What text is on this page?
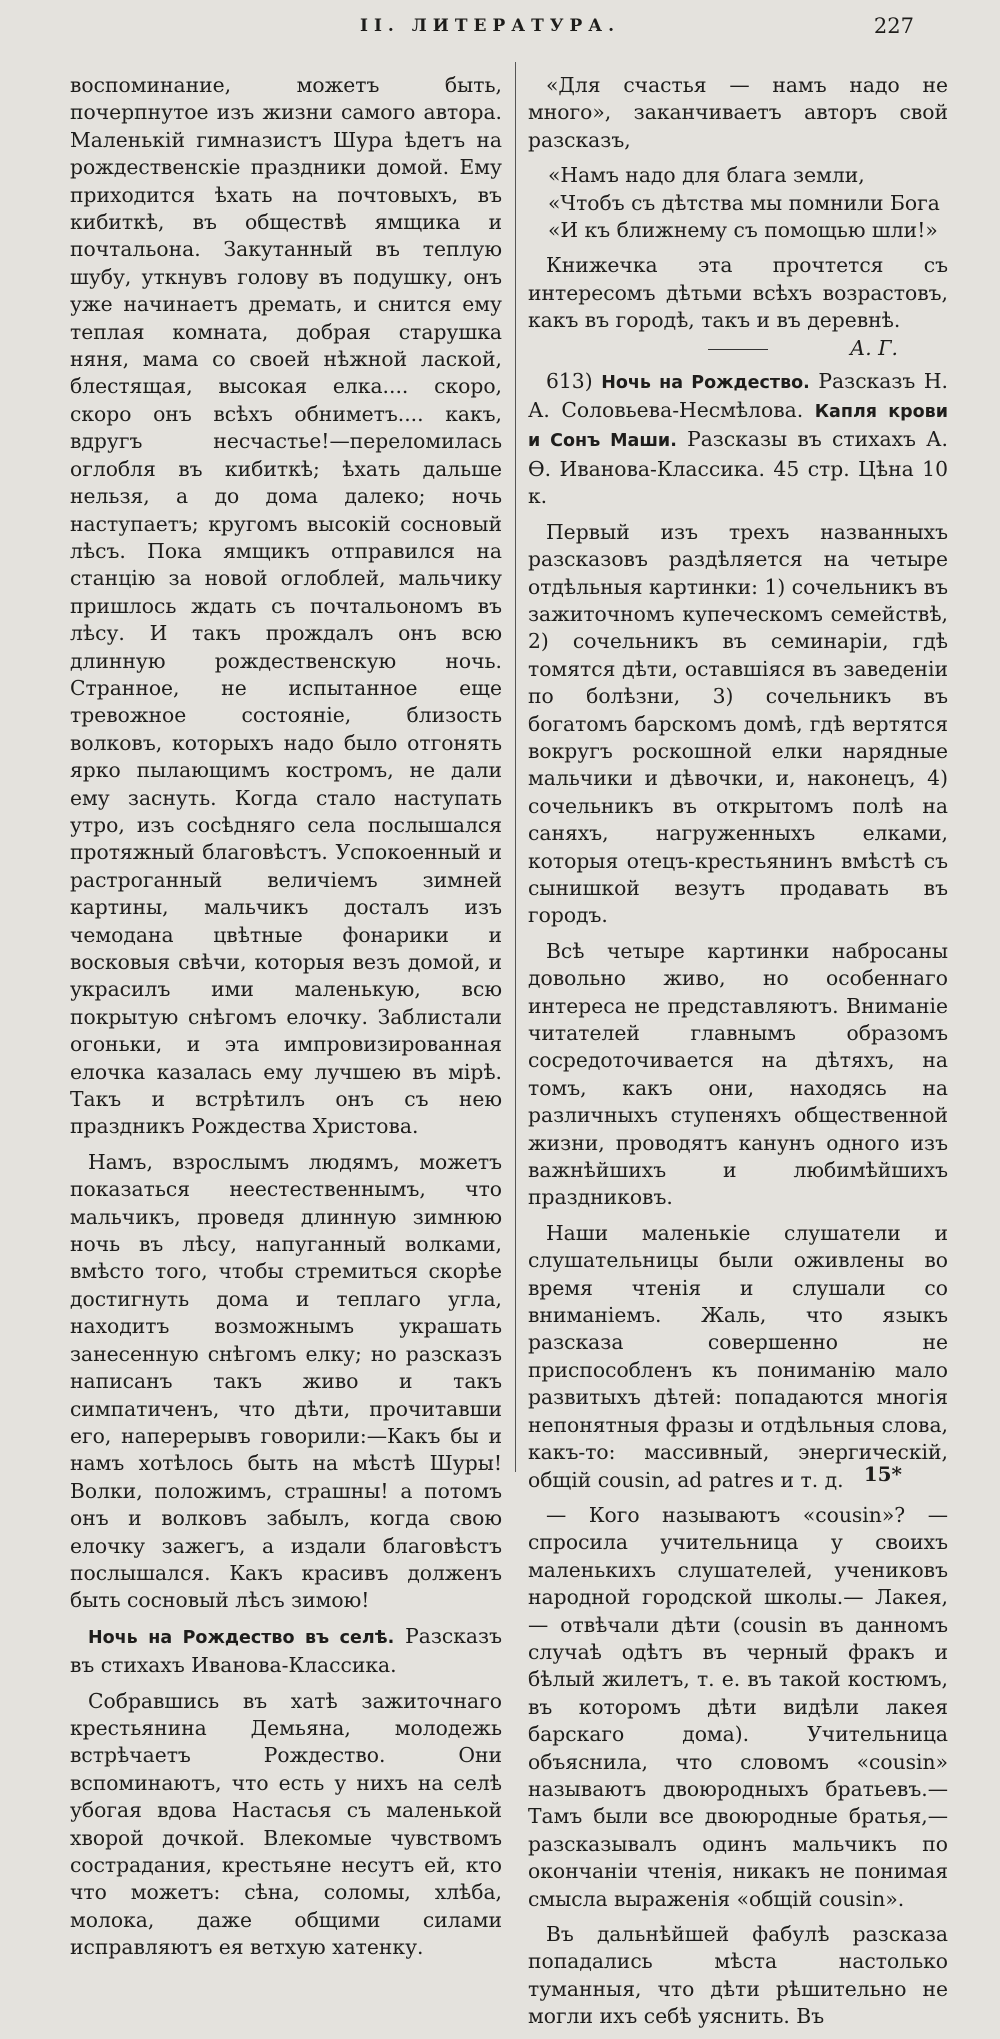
II. ЛИТЕРАТУРА.	227

воспоминание, можетъ быть, почерпнутое изъ жизни самого автора. Маленькій гимназистъ Шура ѣдетъ на рождественскіе праздники домой. Ему приходится ѣхать на почтовыхъ, въ кибиткѣ, въ обществѣ ямщика и почтальона. Закутанный въ теплую шубу, уткнувъ голову въ подушку, онъ уже начинаетъ дремать, и снится ему теплая комната, добрая старушка няня, мама со своей нѣжной лаской, блестящая, высокая елка.... скоро, скоро онъ всѣхъ обниметъ.... какъ, вдругъ несчастье!—переломилась оглобля въ кибиткѣ; ѣхать дальше нельзя, а до дома далеко; ночь наступаетъ; кругомъ высокій сосновый лѣсъ. Пока ямщикъ отправился на станцію за новой оглоблей, мальчику пришлось ждать съ почтальономъ въ лѣсу. И такъ прождалъ онъ всю длинную рождественскую ночь. Странное, не испытанное еще тревожное состояніе, близость волковъ, которыхъ надо было отгонять ярко пылающимъ костромъ, не дали ему заснуть. Когда стало наступать утро, изъ сосѣдняго села послышался протяжный благовѣстъ. Успокоенный и растроганный величіемъ зимней картины, мальчикъ досталъ изъ чемодана цвѣтные фонарики и восковыя свѣчи, которыя везъ домой, и украсилъ ими маленькую, всю покрытую снѣгомъ елочку. Заблистали огоньки, и эта импровизированная елочка казалась ему лучшею въ мірѣ. Такъ и встрѣтилъ онъ съ нею праздникъ Рождества Христова.

Намъ, взрослымъ людямъ, можетъ показаться неестественнымъ, что мальчикъ, проведя длинную зимнюю ночь въ лѣсу, напуганный волками, вмѣсто того, чтобы стремиться скорѣе достигнуть дома и теплаго угла, находитъ возможнымъ украшать занесенную снѣгомъ елку; но разсказъ написанъ такъ живо и такъ симпатиченъ, что дѣти, прочитавши его, наперерывъ говорили:—Какъ бы и намъ хотѣлось быть на мѣстѣ Шуры! Волки, положимъ, страшны! а потомъ онъ и волковъ забылъ, когда свою елочку зажегъ, а издали благовѣстъ послышался. Какъ красивъ долженъ быть сосновый лѣсъ зимою!

Ночь на Рождество въ селѣ. Разсказъ въ стихахъ Иванова-Классика.

Собравшись въ хатѣ зажиточнаго крестьянина Демьяна, молодежь встрѣчаетъ Рождество. Они вспоминаютъ, что есть у нихъ на селѣ убогая вдова Настасья съ маленькой хворой дочкой. Влекомые чувствомъ сострадания, крестьяне несутъ ей, кто что можетъ: сѣна, соломы, хлѣба, молока, даже общими силами исправляютъ ея ветхую хатенку.

«Для счастья — намъ надо не много», заканчиваетъ авторъ свой разсказъ,

«Намъ надо для блага земли,
«Чтобъ съ дѣтства мы помнили Бога
«И къ ближнему съ помощью шли!»

Книжечка эта прочтется съ интересомъ дѣтьми всѣхъ возрастовъ, какъ въ городѣ, такъ и въ деревнѣ.
А. Г.

613) Ночь на Рождество. Разсказъ Н. А. Соловьева-Несмѣлова. Капля крови и Сонъ Маши. Разсказы въ стихахъ А. Ѳ. Иванова-Классика. 45 стр. Цѣна 10 к.

Первый изъ трехъ названныхъ разсказовъ раздѣляется на четыре отдѣльныя картинки: 1) сочельникъ въ зажиточномъ купеческомъ семействѣ, 2) сочельникъ въ семинаріи, гдѣ томятся дѣти, оставшіяся въ заведеніи по болѣзни, 3) сочельникъ въ богатомъ барскомъ домѣ, гдѣ вертятся вокругъ роскошной елки нарядные мальчики и дѣвочки, и, наконецъ, 4) сочельникъ въ открытомъ полѣ на саняхъ, нагруженныхъ елками, которыя отецъ-крестьянинъ вмѣстѣ съ сынишкой везутъ продавать въ городъ.

Всѣ четыре картинки набросаны довольно живо, но особеннаго интереса не представляютъ. Вниманіе читателей главнымъ образомъ сосредоточивается на дѣтяхъ, на томъ, какъ они, находясь на различныхъ ступеняхъ общественной жизни, проводятъ канунъ одного изъ важнѣйшихъ и любимѣйшихъ праздниковъ.

Наши маленькіе слушатели и слушательницы были оживлены во время чтенія и слушали со вниманіемъ. Жаль, что языкъ разсказа совершенно не приспособленъ къ пониманію мало развитыхъ дѣтей: попадаются многія непонятныя фразы и отдѣльныя слова, какъ-то: массивный, энергическій, общій cousin, ad patres и т. д.

— Кого называютъ «cousin»? — спросила учительница у своихъ маленькихъ слушателей, учениковъ народной городской школы.— Лакея, — отвѣчали дѣти (cousin въ данномъ случаѣ одѣтъ въ черный фракъ и бѣлый жилетъ, т. е. въ такой костюмъ, въ которомъ дѣти видѣли лакея барскаго дома). Учительница объяснила, что словомъ «cousin» называютъ двоюродныхъ братьевъ.—Тамъ были все двоюродные братья,—разсказывалъ одинъ мальчикъ по окончаніи чтенія, никакъ не понимая смысла выраженія «общій cousin».

Въ дальнѣйшей фабулѣ разсказа попадались мѣста настолько туманныя, что дѣти рѣшительно не могли ихъ себѣ уяснить. Въ

15*
